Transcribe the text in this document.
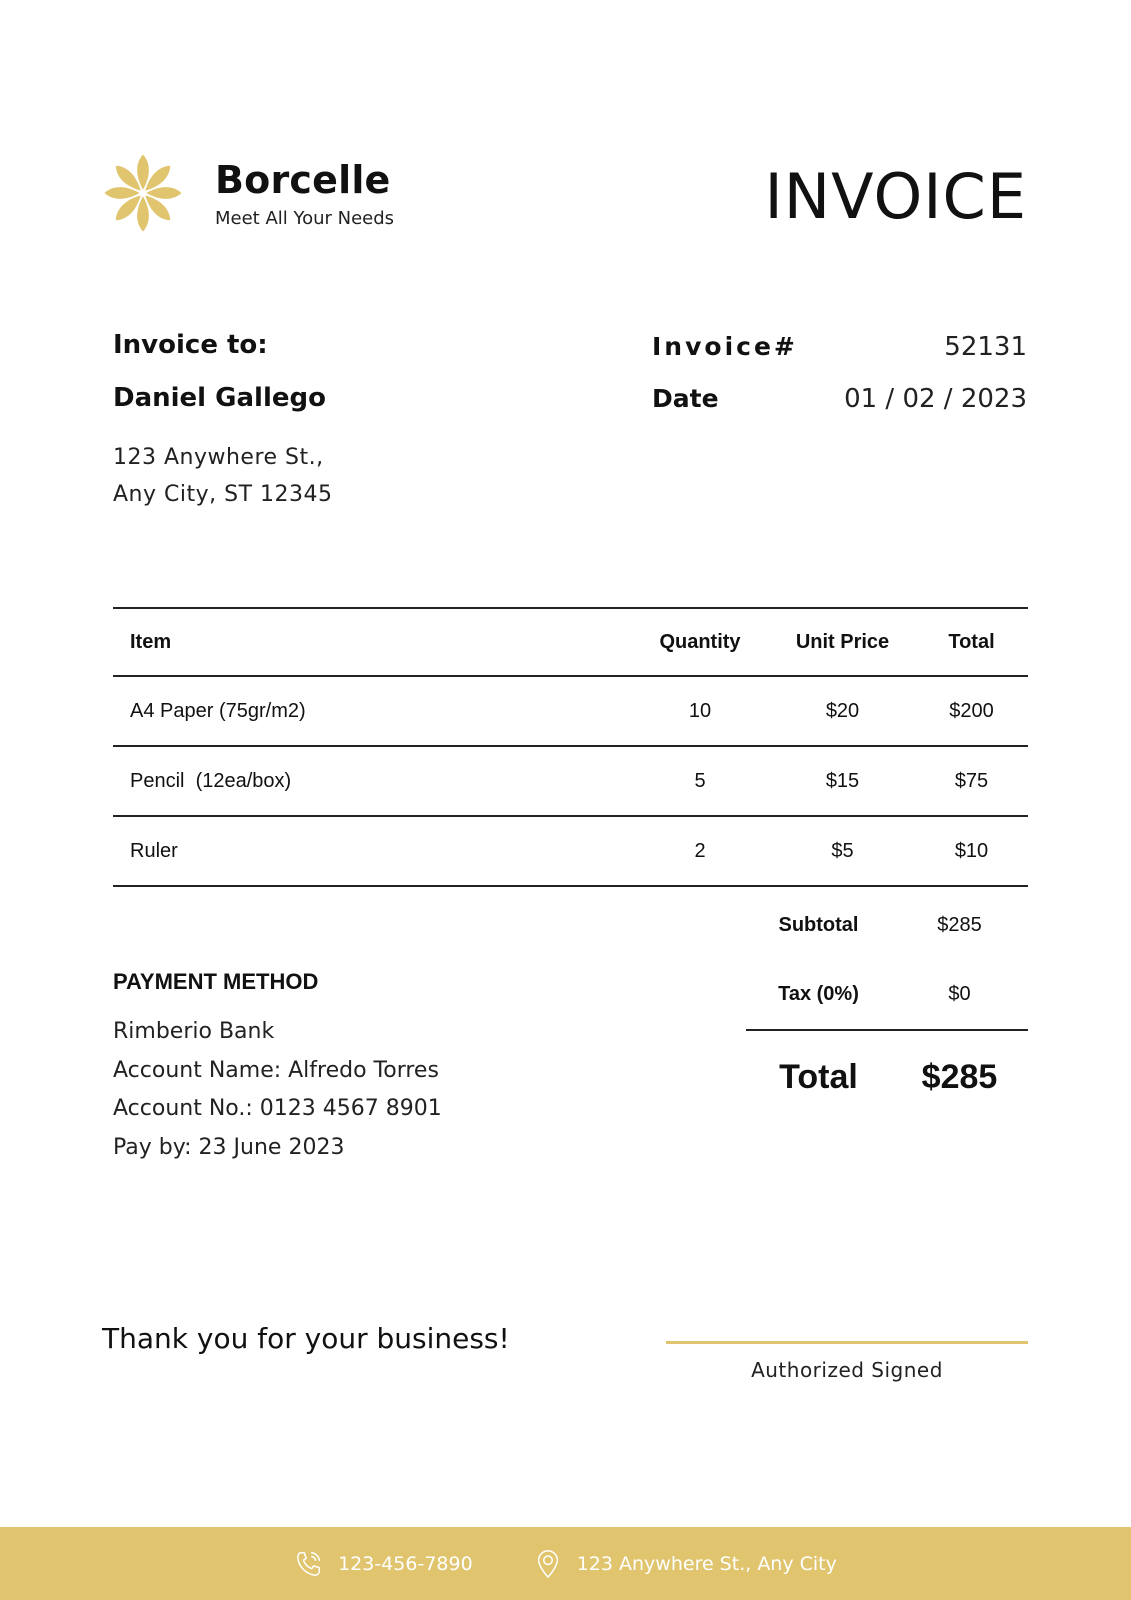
Borcelle
Meet All Your Needs	INVOICE
Invoice to:
Daniel Gallego
123 Anywhere St.,
Any City, ST 12345
Invoice#	52131
Date	01 / 02 / 2023
Item	Quantity	Unit Price	Total
A4 Paper (75gr/m2)	10	$20	$200
Pencil  (12ea/box)	5	$15	$75
Ruler	2	$5	$10
Subtotal	$285
Tax (0%)	$0
Total	$285
PAYMENT METHOD
Rimberio Bank
Account Name: Alfredo Torres
Account No.: 0123 4567 8901
Pay by: 23 June 2023
Thank you for your business!
Authorized Signed
123-456-7890	123 Anywhere St., Any City
